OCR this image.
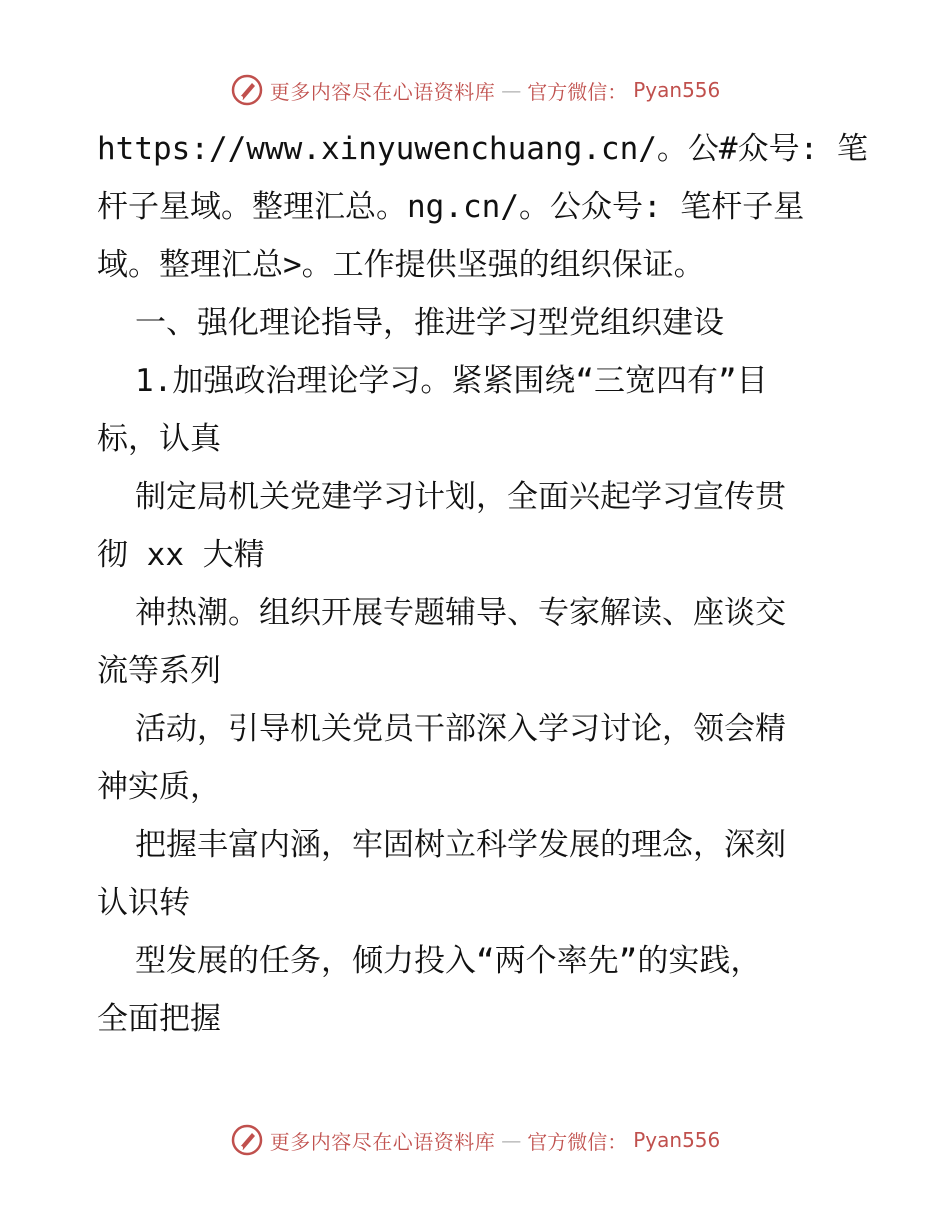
更多内容尽在心语资料库 — 官方微信： Pyan556
https://www.xinyuwenchuang.cn/。公#众号: 笔
杆子星域。整理汇总。ng.cn/。公众号: 笔杆子星
域。整理汇总>。工作提供坚强的组织保证。
一、强化理论指导，推进学习型党组织建设
1.加强政治理论学习。紧紧围绕“三宽四有”目
标，认真
制定局机关党建学习计划，全面兴起学习宣传贯
彻 xx 大精
神热潮。组织开展专题辅导、专家解读、座谈交
流等系列
活动，引导机关党员干部深入学习讨论，领会精
神实质，
把握丰富内涵，牢固树立科学发展的理念，深刻
认识转
型发展的任务，倾力投入“两个率先”的实践，
全面把握
更多内容尽在心语资料库 — 官方微信： Pyan556
